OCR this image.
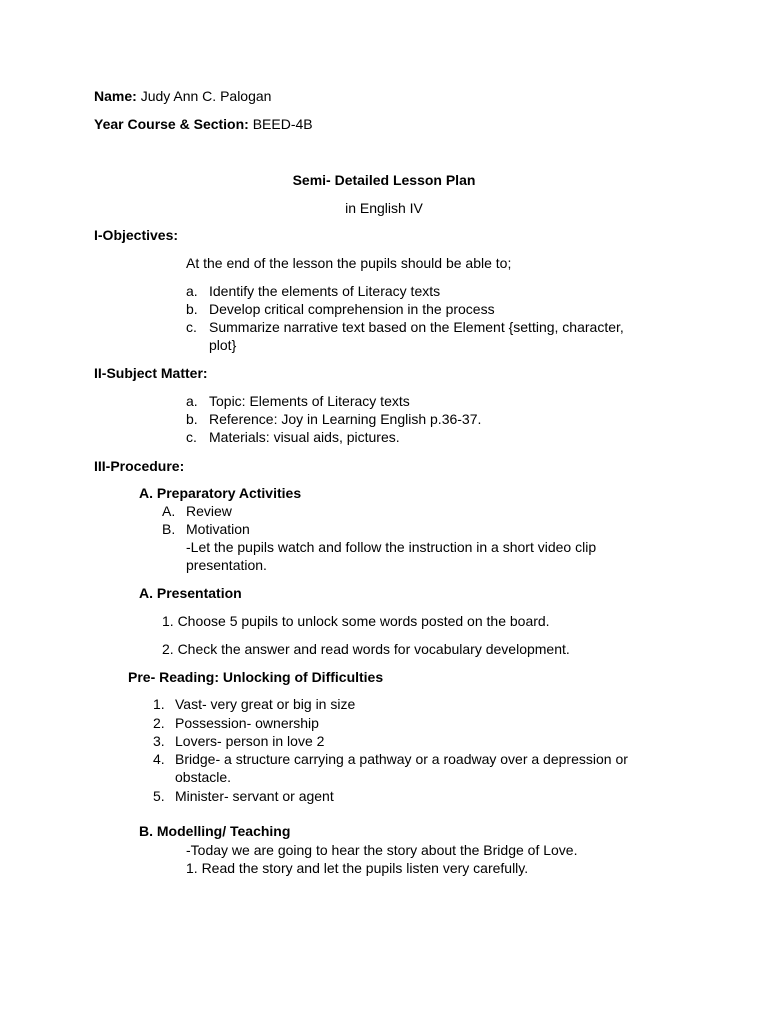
Name: Judy Ann C. Palogan
Year Course & Section: BEED-4B
Semi- Detailed Lesson Plan
in English IV
I-Objectives:
At the end of the lesson the pupils should be able to;
a. Identify the elements of Literacy texts
b. Develop critical comprehension in the process
c. Summarize narrative text based on the Element {setting, character,
plot}
II-Subject Matter:
a. Topic: Elements of Literacy texts
b. Reference: Joy in Learning English p.36-37.
c. Materials: visual aids, pictures.
III-Procedure:
A. Preparatory Activities
A. Review
B. Motivation
-Let the pupils watch and follow the instruction in a short video clip
presentation.
A. Presentation
1. Choose 5 pupils to unlock some words posted on the board.
2. Check the answer and read words for vocabulary development.
Pre- Reading: Unlocking of Difficulties
1. Vast- very great or big in size
2. Possession- ownership
3. Lovers- person in love 2
4. Bridge- a structure carrying a pathway or a roadway over a depression or
obstacle.
5. Minister- servant or agent
B. Modelling/ Teaching
-Today we are going to hear the story about the Bridge of Love.
1. Read the story and let the pupils listen very carefully.
